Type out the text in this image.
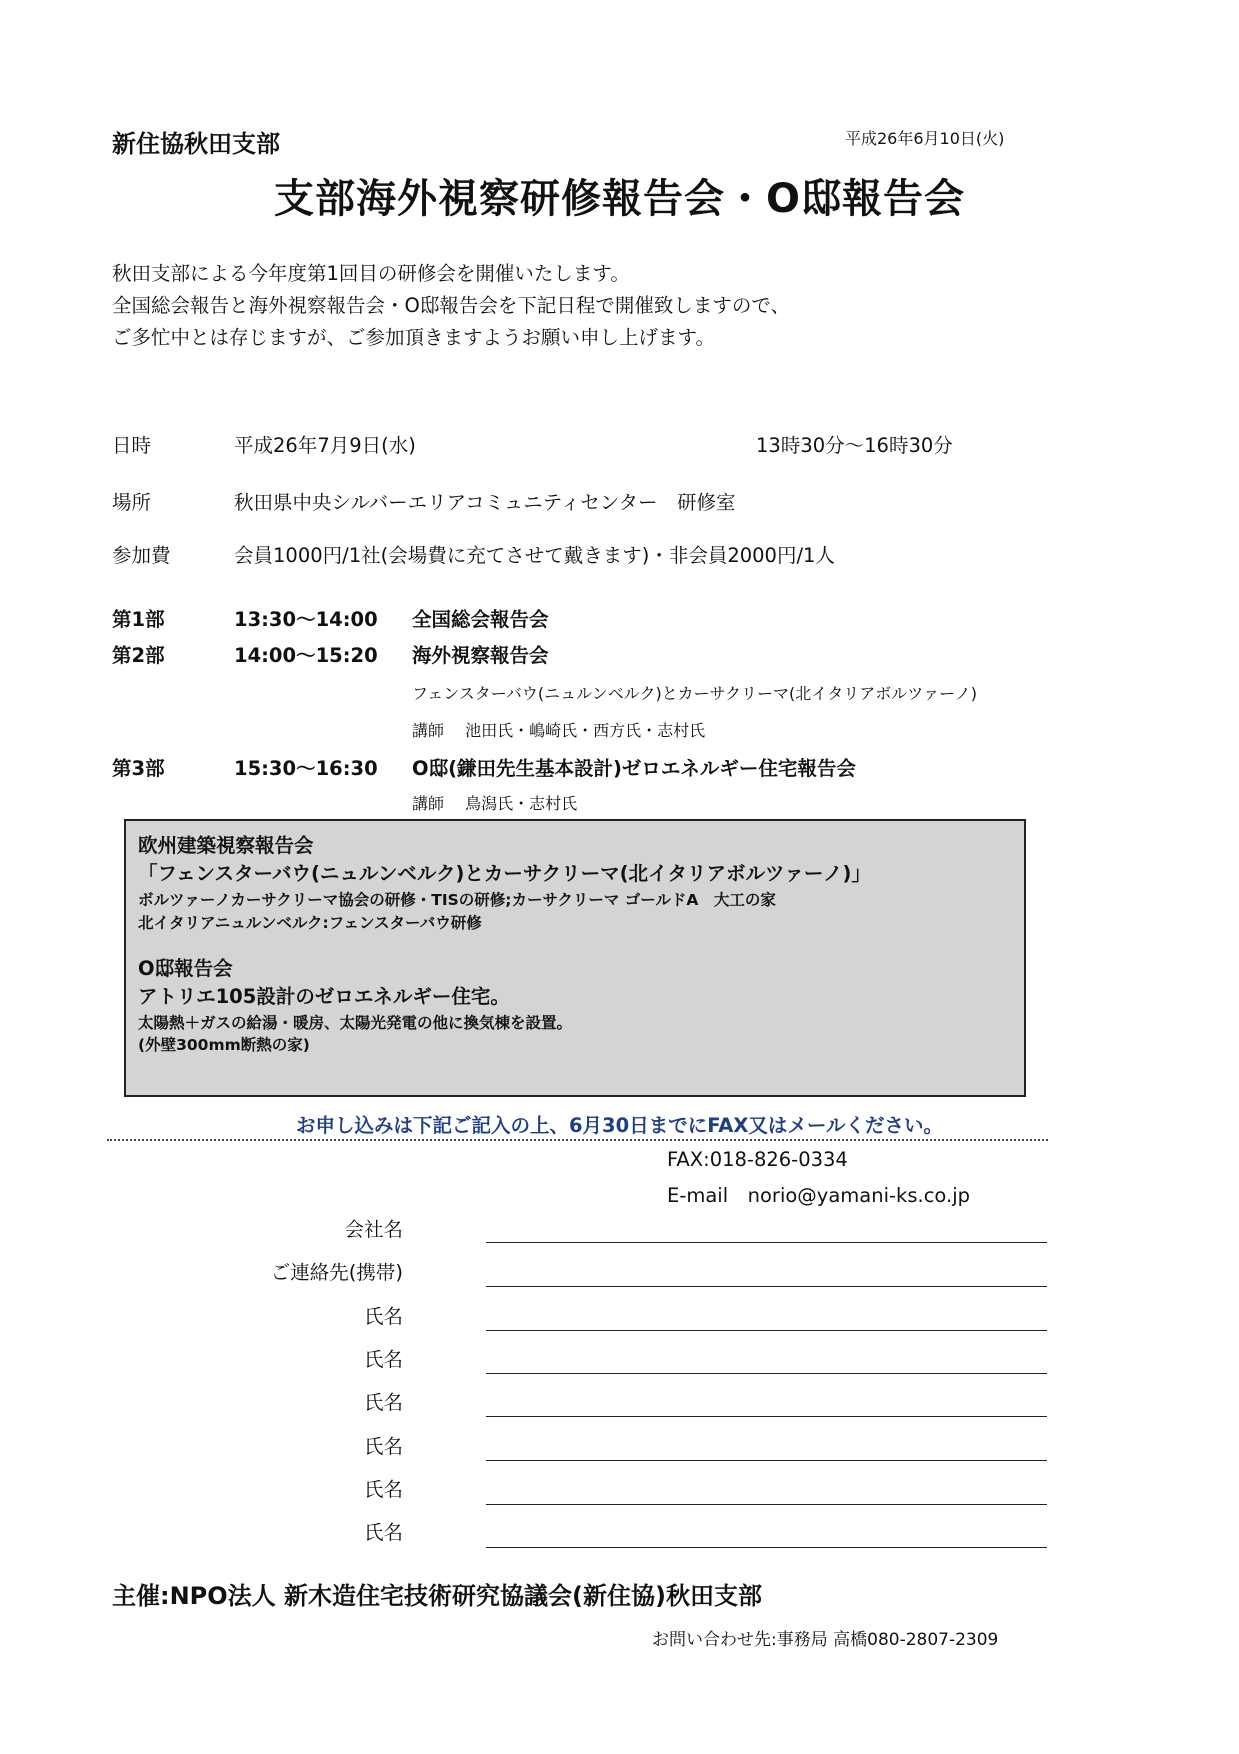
新住協秋田支部	平成26年6月10日(火)
支部海外視察研修報告会・O邸報告会
秋田支部による今年度第1回目の研修会を開催いたします。
全国総会報告と海外視察報告会・O邸報告会を下記日程で開催致しますので、
ご多忙中とは存じますが、ご参加頂きますようお願い申し上げます。
日時	平成26年7月9日(水)	13時30分～16時30分
場所	秋田県中央シルバーエリアコミュニティセンター　研修室
参加費	会員1000円/1社(会場費に充てさせて戴きます)・非会員2000円/1人
第1部	13:30～14:00 全国総会報告会
第2部	14:00～15:20 海外視察報告会
フェンスターバウ(ニュルンベルク)とカーサクリーマ(北イタリアボルツァーノ)
講師　 池田氏・嶋崎氏・西方氏・志村氏
第3部	15:30～16:30 O邸(鎌田先生基本設計)ゼロエネルギー住宅報告会
講師　 鳥潟氏・志村氏
欧州建築視察報告会
「フェンスターバウ(ニュルンベルク)とカーサクリーマ(北イタリアボルツァーノ)」
ボルツァーノカーサクリーマ協会の研修・TISの研修;カーサクリーマ ゴールドA　大工の家
北イタリアニュルンベルク:フェンスターバウ研修
O邸報告会
アトリエ105設計のゼロエネルギー住宅。
太陽熱＋ガスの給湯・暖房、太陽光発電の他に換気棟を設置。
(外壁300mm断熱の家)
お申し込みは下記ご記入の上、6月30日までにFAX又はメールください。
FAX:018-826-0334
E-mail　norio@yamani-ks.co.jp
会社名
ご連絡先(携帯)
氏名
氏名
氏名
氏名
氏名
氏名
主催:NPO法人 新木造住宅技術研究協議会(新住協)秋田支部
お問い合わせ先:事務局 高橋080-2807-2309
